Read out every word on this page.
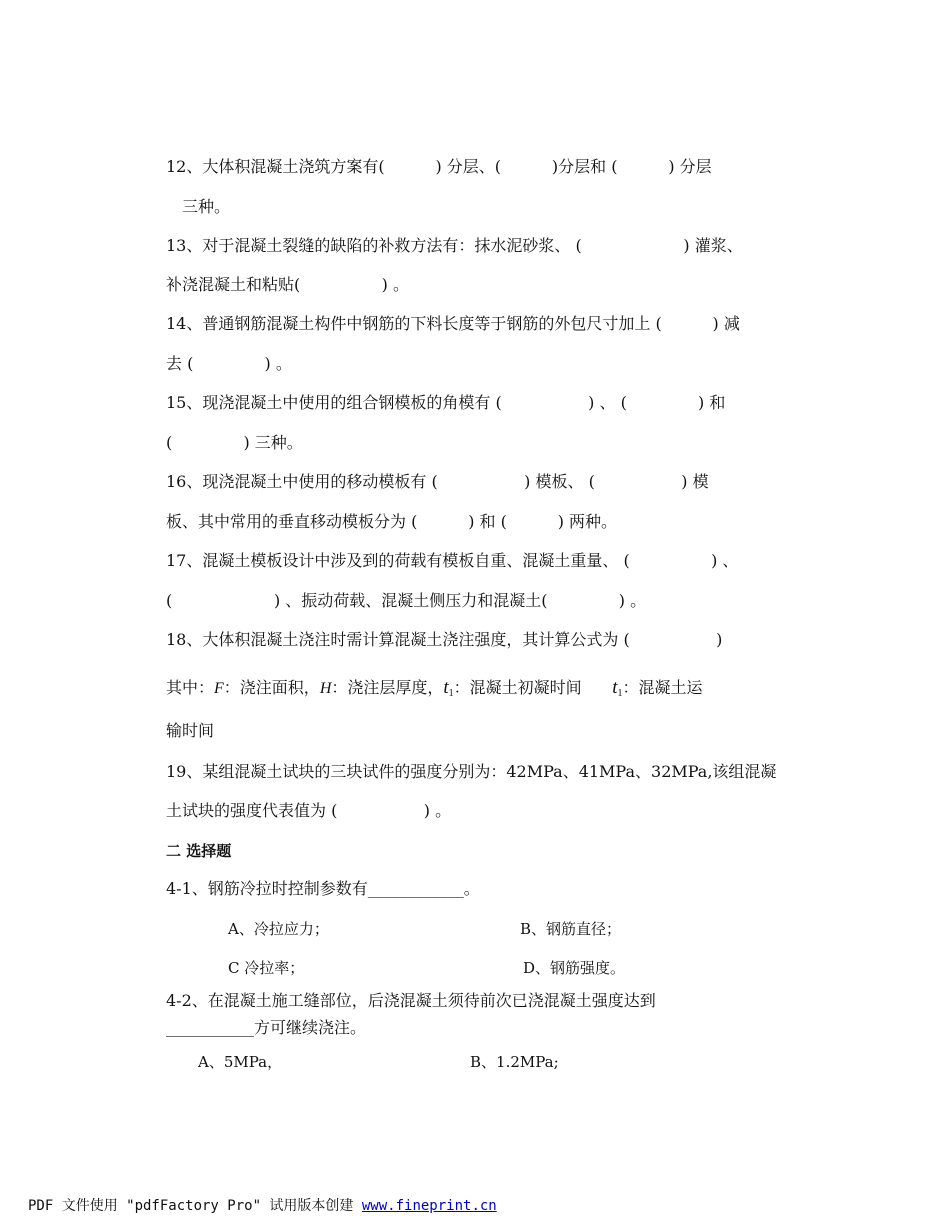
12、大体积混凝土浇筑方案有(          ) 分层、(          )分层和 (          ) 分层
三种。
13、对于混凝土裂缝的缺陷的补救方法有：抹水泥砂浆、 (                    ) 灌浆、
补浇混凝土和粘贴(                ) 。
14、普通钢筋混凝土构件中钢筋的下料长度等于钢筋的外包尺寸加上 (          ) 减
去 (              ) 。
15、现浇混凝土中使用的组合钢模板的角模有 (                 ) 、 (              ) 和
(              ) 三种。
16、现浇混凝土中使用的移动模板有 (                 ) 模板、 (                 ) 模
板、其中常用的垂直移动模板分为 (          ) 和 (          ) 两种。
17、混凝土模板设计中涉及到的荷载有模板自重、混凝土重量、 (                ) 、
(                    ) 、振动荷载、混凝土侧压力和混凝土(              ) 。
18、大体积混凝土浇注时需计算混凝土浇注强度，其计算公式为 (                 )
其中：F：浇注面积，H：浇注层厚度，$t_1$：混凝土初凝时间 $t_1$：混凝土运
输时间
19、某组混凝土试块的三块试件的强度分别为：42MPa、41MPa、32MPa,该组混凝
土试块的强度代表值为 (                 ) 。
二 选择题
4-1、钢筋冷拉时控制参数有____________。
A、冷拉应力；	B、钢筋直径；
C 冷拉率；	D、钢筋强度。
4-2、在混凝土施工缝部位，后浇混凝土须待前次已浇混凝土强度达到
___________方可继续浇注。
A、5MPa，	B、1.2MPa;
PDF 文件使用 "pdfFactory Pro" 试用版本创建 www.fineprint.cn
